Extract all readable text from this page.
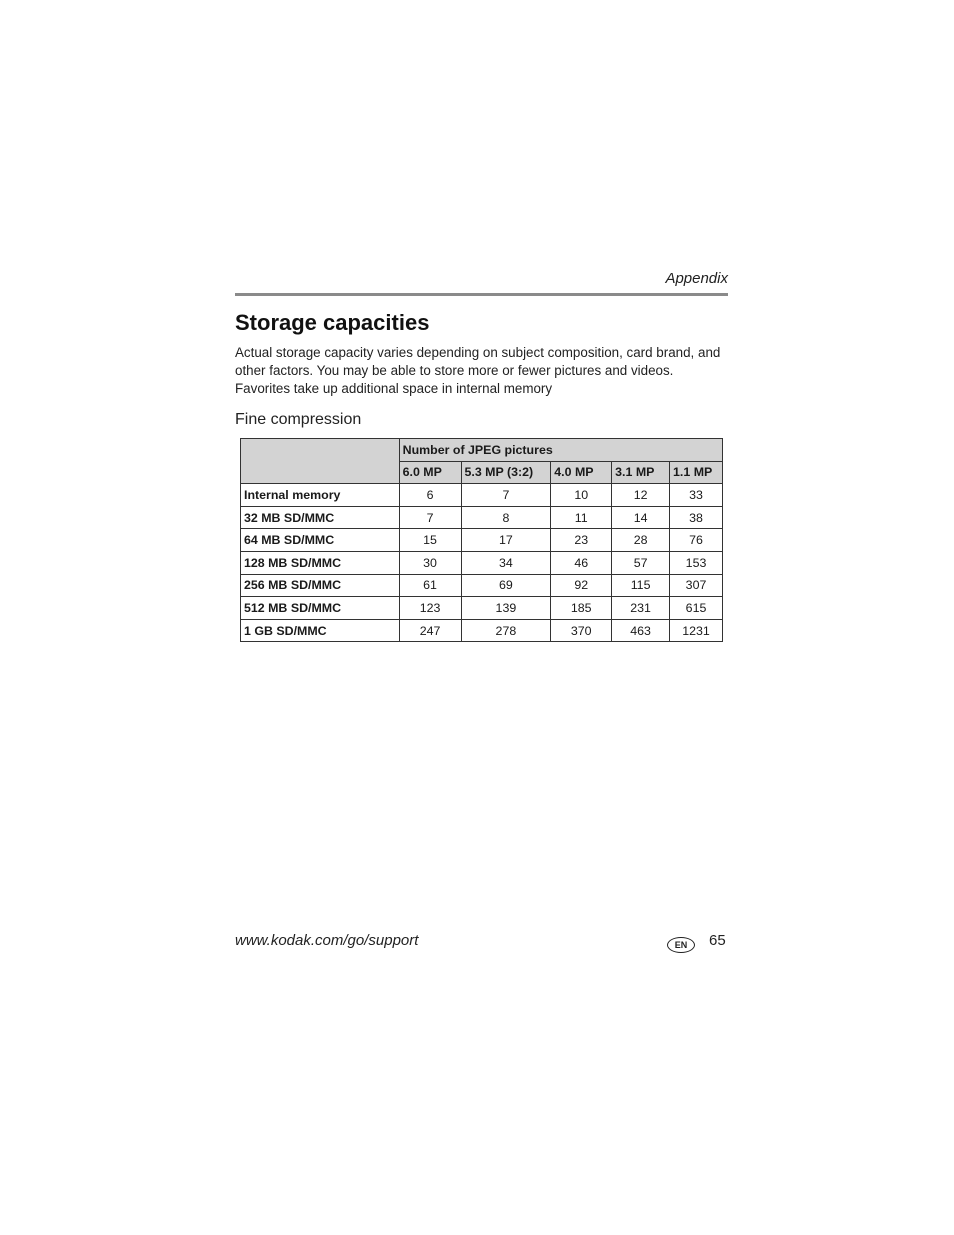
Appendix
Storage capacities

Actual storage capacity varies depending on subject composition, card brand, and other factors. You may be able to store more or fewer pictures and videos. Favorites take up additional space in internal memory

Fine compression
	Number of JPEG pictures				
	6.0 MP	5.3 MP (3:2)	4.0 MP	3.1 MP	1.1 MP
Internal memory	6	7	10	12	33
32 MB SD/MMC	7	8	11	14	38
64 MB SD/MMC	15	17	23	28	76
128 MB SD/MMC	30	34	46	57	153
256 MB SD/MMC	61	69	92	115	307
512 MB SD/MMC	123	139	185	231	615
1 GB SD/MMC	247	278	370	463	1231
www.kodak.com/go/support	EN	65
